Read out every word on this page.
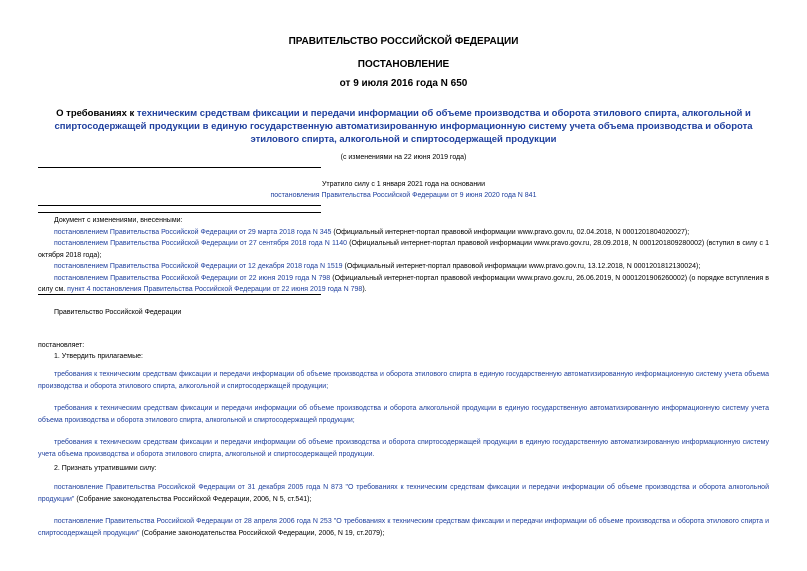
ПРАВИТЕЛЬСТВО РОССИЙСКОЙ ФЕДЕРАЦИИ
ПОСТАНОВЛЕНИЕ
от 9 июля 2016 года N 650
О требованиях к техническим средствам фиксации и передачи информации об объеме производства и оборота этилового спирта, алкогольной и спиртосодержащей продукции в единую государственную автоматизированную информационную систему учета объема производства и оборота этилового спирта, алкогольной и спиртосодержащей продукции
(с изменениями на 22 июня 2019 года)
Утратило силу с 1 января 2021 года на основании
постановления Правительства Российской Федерации от 9 июня 2020 года N 841
Документ с изменениями, внесенными:
постановлением Правительства Российской Федерации от 29 марта 2018 года N 345 (Официальный интернет-портал правовой информации www.pravo.gov.ru, 02.04.2018, N 0001201804020027);
постановлением Правительства Российской Федерации от 27 сентября 2018 года N 1140 (Официальный интернет-портал правовой информации www.pravo.gov.ru, 28.09.2018, N 0001201809280002) (вступил в силу с 1 октября 2018 года);
постановлением Правительства Российской Федерации от 12 декабря 2018 года N 1519 (Официальный интернет-портал правовой информации www.pravo.gov.ru, 13.12.2018, N 0001201812130024);
постановлением Правительства Российской Федерации от 22 июня 2019 года N 798 (Официальный интернет-портал правовой информации www.pravo.gov.ru, 26.06.2019, N 0001201906260002) (о порядке вступления в силу см. пункт 4 постановления Правительства Российской Федерации от 22 июня 2019 года N 798).
Правительство Российской Федерации
постановляет:
1. Утвердить прилагаемые:
требования к техническим средствам фиксации и передачи информации об объеме производства и оборота этилового спирта в единую государственную автоматизированную информационную систему учета объема производства и оборота этилового спирта, алкогольной и спиртосодержащей продукции;
требования к техническим средствам фиксации и передачи информации об объеме производства и оборота алкогольной продукции в единую государственную автоматизированную информационную систему учета объема производства и оборота этилового спирта, алкогольной и спиртосодержащей продукции;
требования к техническим средствам фиксации и передачи информации об объеме производства и оборота спиртосодержащей продукции в единую государственную автоматизированную информационную систему учета объема производства и оборота этилового спирта, алкогольной и спиртосодержащей продукции.
2. Признать утратившими силу:
постановление Правительства Российской Федерации от 31 декабря 2005 года N 873 "О требованиях к техническим средствам фиксации и передачи информации об объеме производства и оборота алкогольной продукции" (Собрание законодательства Российской Федерации, 2006, N 5, ст.541);
постановление Правительства Российской Федерации от 28 апреля 2006 года N 253 "О требованиях к техническим средствам фиксации и передачи информации об объеме производства и оборота этилового спирта и спиртосодержащей продукции" (Собрание законодательства Российской Федерации, 2006, N 19, ст.2079);
